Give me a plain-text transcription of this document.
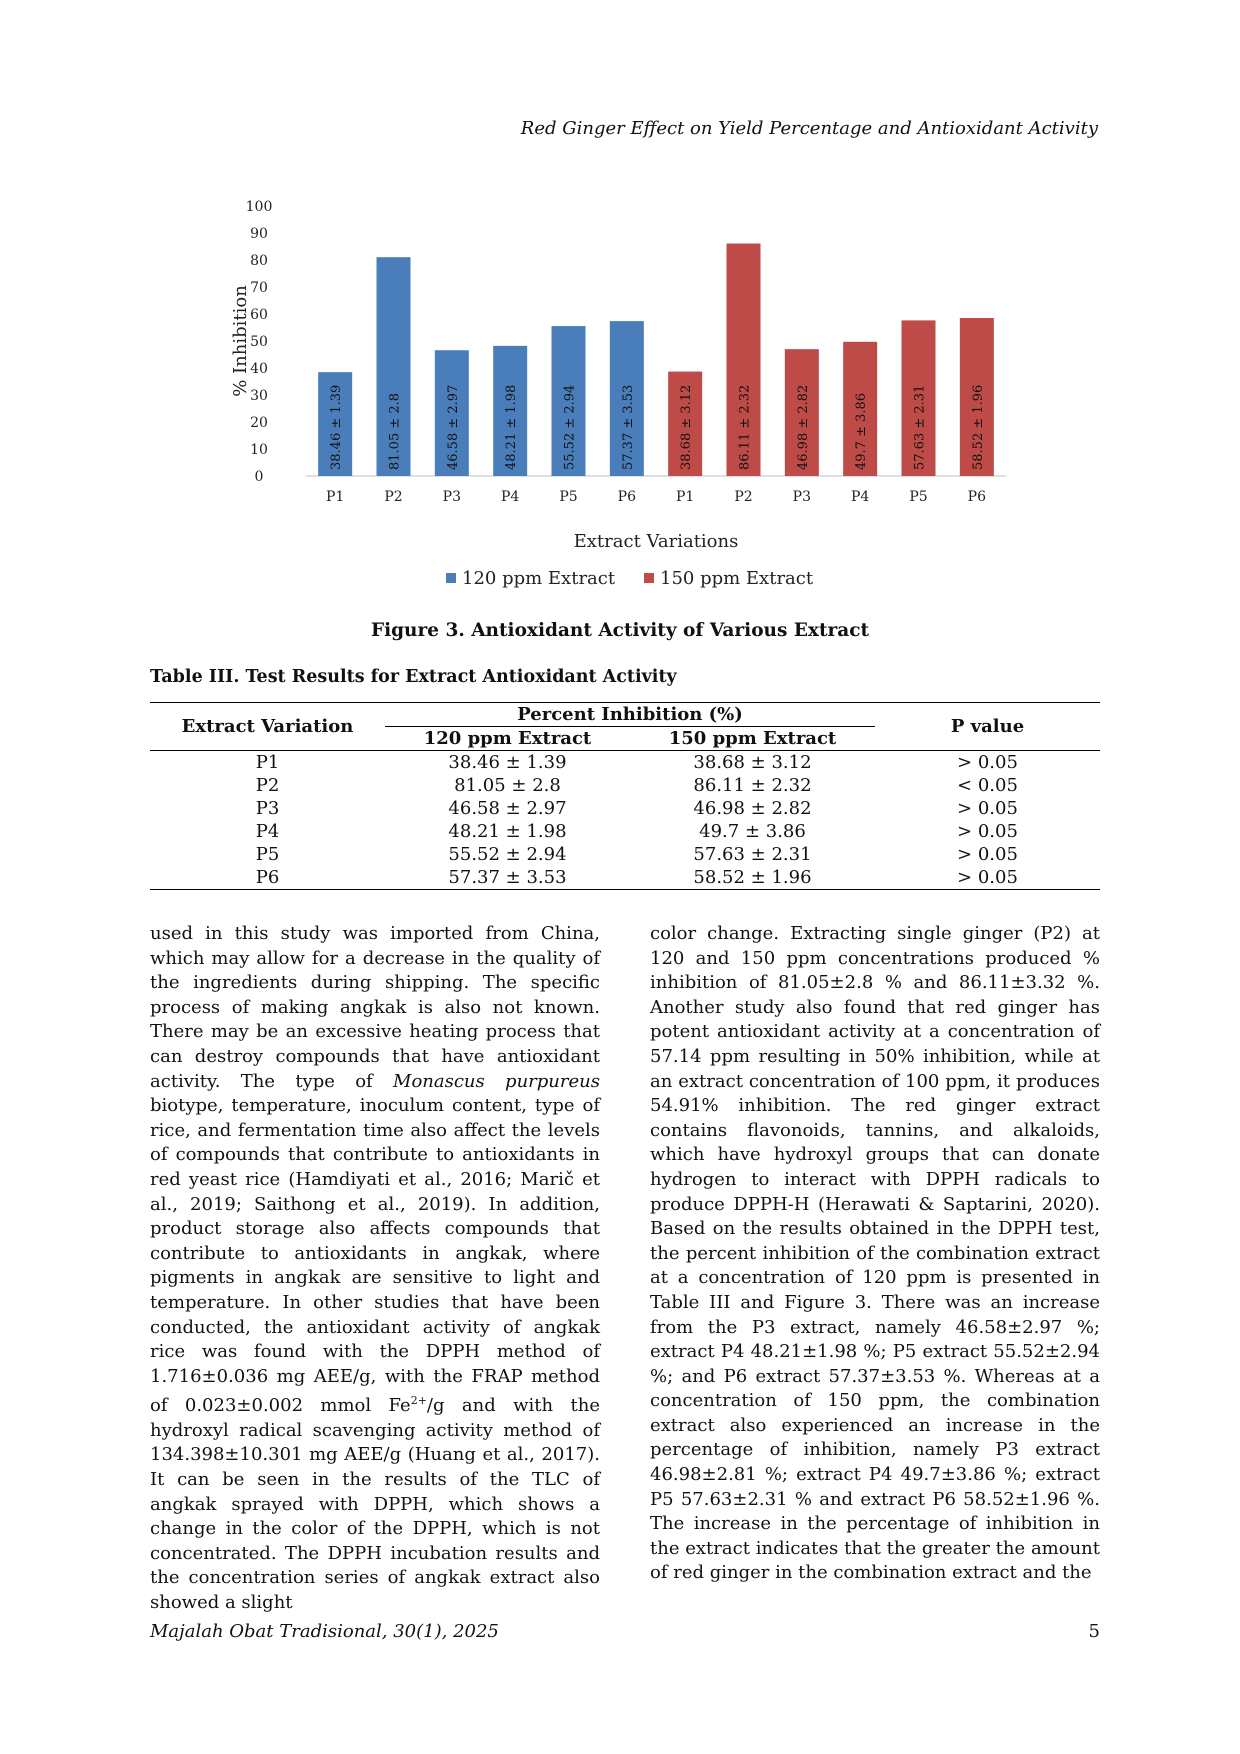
Red Ginger Effect on Yield Percentage and Antioxidant Activity
0
10
20
30
40
50
60
70
80
90
100
% Inhibition
38.46 ± 1.39
P1
81.05 ± 2.8
P2
46.58 ± 2.97
P3
48.21 ± 1.98
P4
55.52 ± 2.94
P5
57.37 ± 3.53
P6
38.68 ± 3.12
P1
86.11 ± 2.32
P2
46.98 ± 2.82
P3
49.7 ± 3.86
P4
57.63 ± 2.31
P5
58.52 ± 1.96
P6
Extract Variations
120 ppm Extract 150 ppm Extract
Figure 3. Antioxidant Activity of Various Extract
Table III. Test Results for Extract Antioxidant Activity
Extract Variation	Percent Inhibition (%)		P value
	120 ppm Extract	150 ppm Extract	
P1	38.46 ± 1.39	38.68 ± 3.12	> 0.05
P2	81.05 ± 2.8	86.11 ± 2.32	< 0.05
P3	46.58 ± 2.97	46.98 ± 2.82	> 0.05
P4	48.21 ± 1.98	49.7 ± 3.86	> 0.05
P5	55.52 ± 2.94	57.63 ± 2.31	> 0.05
P6	57.37 ± 3.53	58.52 ± 1.96	> 0.05

used in this study was imported from China, which may allow for a decrease in the quality of the ingredients during shipping. The specific process of making angkak is also not known. There may be an excessive heating process that can destroy compounds that have antioxidant activity. The type of Monascus purpureus biotype, temperature, inoculum content, type of rice, and fermentation time also affect the levels of compounds that contribute to antioxidants in red yeast rice (Hamdiyati et al., 2016; Marič et al., 2019; Saithong et al., 2019). In addition, product storage also affects compounds that contribute to antioxidants in angkak, where pigments in angkak are sensitive to light and temperature. In other studies that have been conducted, the antioxidant activity of angkak rice was found with the DPPH method of 1.716±0.036 mg AEE/g, with the FRAP method of 0.023±0.002 mmol $Fe^{2+}/g$ and with the hydroxyl radical scavenging activity method of 134.398±10.301 mg AEE/g (Huang et al., 2017). It can be seen in the results of the TLC of angkak sprayed with DPPH, which shows a change in the color of the DPPH, which is not concentrated. The DPPH incubation results and the concentration series of angkak extract also showed a slight

color change. Extracting single ginger (P2) at 120 and 150 ppm concentrations produced % inhibition of 81.05±2.8 % and 86.11±3.32 %. Another study also found that red ginger has potent antioxidant activity at a concentration of 57.14 ppm resulting in 50% inhibition, while at an extract concentration of 100 ppm, it produces 54.91% inhibition. The red ginger extract contains flavonoids, tannins, and alkaloids, which have hydroxyl groups that can donate hydrogen to interact with DPPH radicals to produce DPPH-H (Herawati & Saptarini, 2020). Based on the results obtained in the DPPH test, the percent inhibition of the combination extract at a concentration of 120 ppm is presented in Table III and Figure 3. There was an increase from the P3 extract, namely 46.58±2.97 %; extract P4 48.21±1.98 %; P5 extract 55.52±2.94 %; and P6 extract 57.37±3.53 %. Whereas at a concentration of 150 ppm, the combination extract also experienced an increase in the percentage of inhibition, namely P3 extract 46.98±2.81 %; extract P4 49.7±3.86 %; extract P5 57.63±2.31 % and extract P6 58.52±1.96 %. The increase in the percentage of inhibition in the extract indicates that the greater the amount of red ginger in the combination extract and the

Majalah Obat Tradisional, 30(1), 2025	5
